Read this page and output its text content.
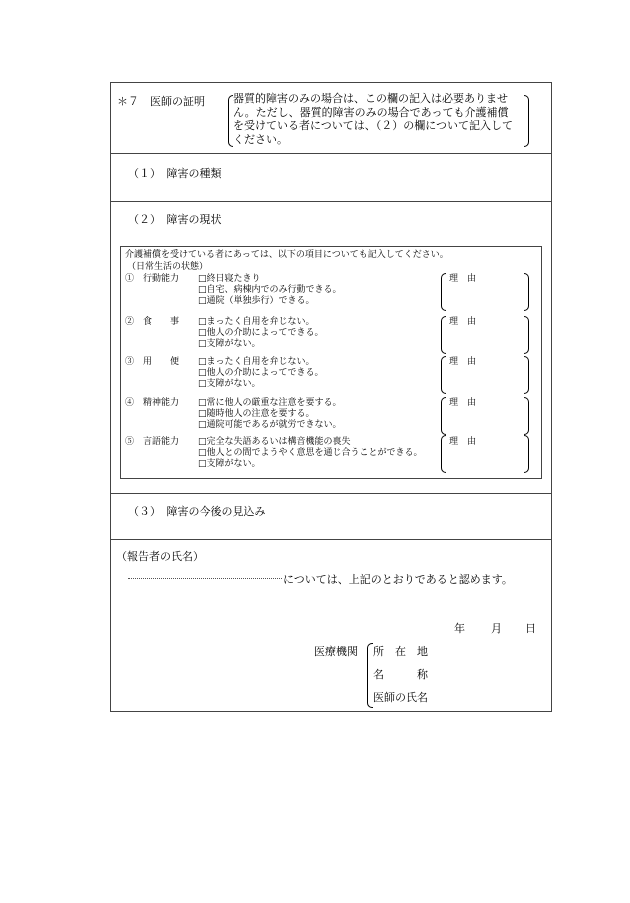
＊７　医師の証明	器質的障害のみの場合は、この欄の記入は必要ありませ
ん。ただし、器質的障害のみの場合であっても介護補償
を受けている者については、（２）の欄について記入して
ください。
（１）　障害の種類
（２）　障害の現状
介護補償を受けている者にあっては、以下の項目についても記入してください。
（日常生活の状態）
①　行動能力 □終日寝たきり
□自宅、病棟内でのみ行動できる。
□通院（単独歩行）できる。
理　由
②　食　　事 □まったく自用を弁じない。
□他人の介助によってできる。
□支障がない。
理　由
③　用　　便 □まったく自用を弁じない。
□他人の介助によってできる。
□支障がない。
理　由
④　精神能力 □常に他人の厳重な注意を要する。
□随時他人の注意を要する。
□通院可能であるが就労できない。
理　由
⑤　言語能力 □完全な失語あるいは構音機能の喪失
□他人との間でようやく意思を通じ合うことができる。
□支障がない。
理　由
（３）　障害の今後の見込み
（報告者の氏名）
については、上記のとおりであると認めます。
年 月 日
医療機関 所　在　地
名　　　称
医師の氏名
